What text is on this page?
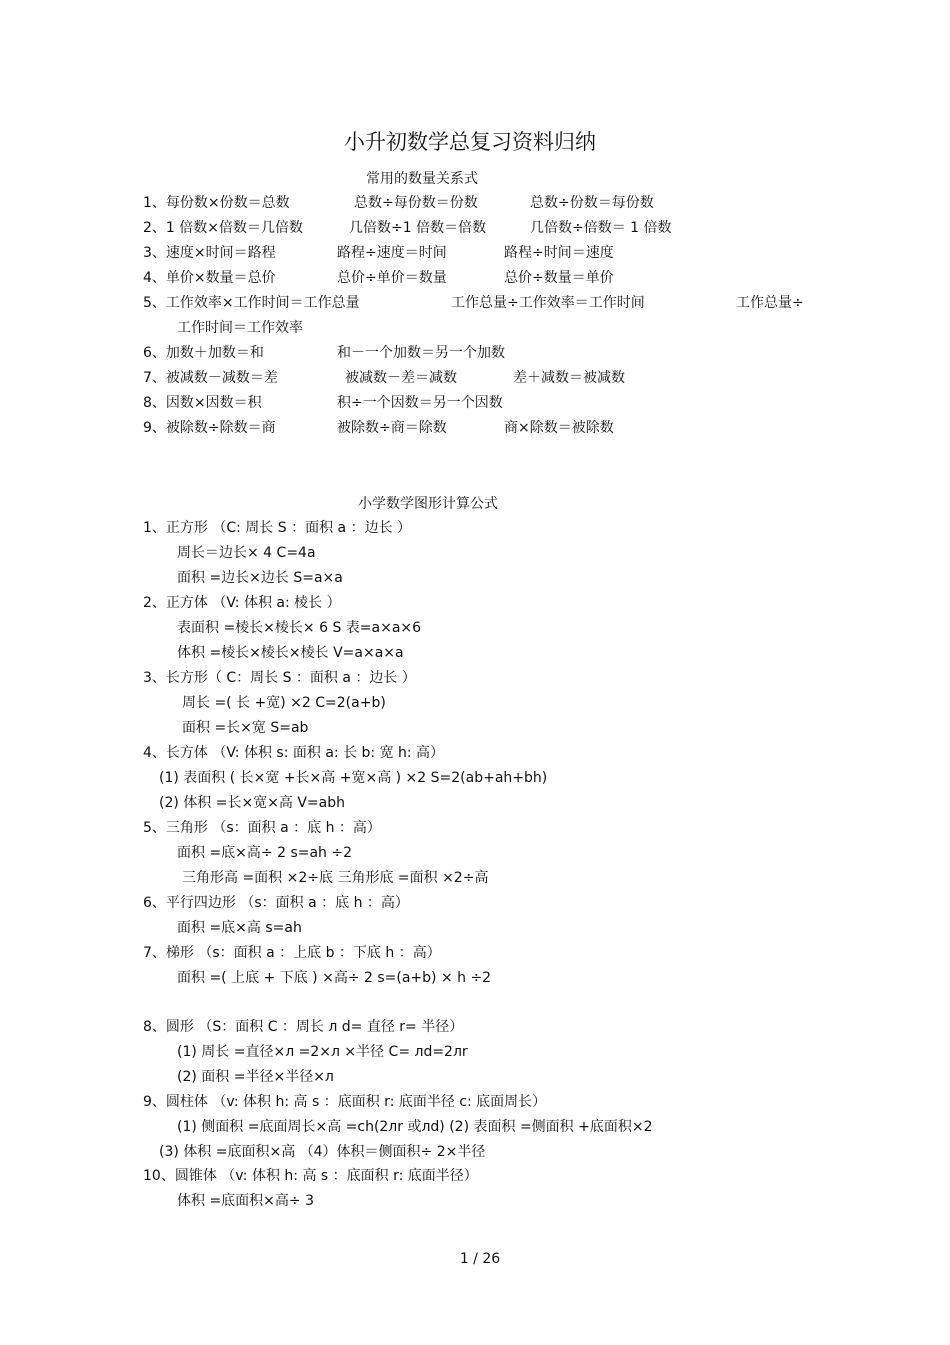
小升初数学总复习资料归纳
常用的数量关系式
1、每份数×份数＝总数	总数÷每份数＝份数	总数÷份数＝每份数
2、1 倍数×倍数＝几倍数	几倍数÷1 倍数＝倍数	几倍数÷倍数＝ 1 倍数
3、速度×时间＝路程	路程÷速度＝时间	路程÷时间＝速度
4、单价×数量＝总价	总价÷单价＝数量	总价÷数量＝单价
5、工作效率×工作时间＝工作总量	工作总量÷工作效率＝工作时间	工作总量÷
工作时间＝工作效率
6、加数＋加数＝和	和－一个加数＝另一个加数
7、被减数－减数＝差	被减数－差＝减数	差＋减数＝被减数
8、因数×因数＝积	积÷一个因数＝另一个因数
9、被除数÷除数＝商	被除数÷商＝除数	商×除数＝被除数
小学数学图形计算公式
1、正方形 （C: 周长 S ：面积 a ：边长 ）
周长＝边长× 4 C=4a
面积 =边长×边长 S=a×a
2、正方体 （V: 体积 a: 棱长 ）
表面积 =棱长×棱长× 6 S 表=a×a×6
体积 =棱长×棱长×棱长 V=a×a×a
3、长方形（ C：周长 S ：面积 a ：边长 ）
周长 =( 长 +宽) ×2 C=2(a+b)
面积 =长×宽 S=ab
4、长方体 （V: 体积 s: 面积 a: 长 b: 宽 h: 高）
(1) 表面积 ( 长×宽 +长×高 +宽×高 ) ×2 S=2(ab+ah+bh)
(2) 体积 =长×宽×高 V=abh
5、三角形 （s：面积 a ：底 h ：高）
面积 =底×高÷ 2 s=ah ÷2
三角形高 =面积 ×2÷底 三角形底 =面积 ×2÷高
6、平行四边形 （s：面积 a ：底 h ：高）
面积 =底×高 s=ah
7、梯形 （s：面积 a ：上底 b ：下底 h ：高）
面积 =( 上底 + 下底 ) ×高÷ 2 s=(a+b) × h ÷2
8、圆形 （S：面积 C ：周长 л d= 直径 r= 半径）
(1) 周长 =直径×л =2×л ×半径 C= лd=2лr
(2) 面积 =半径×半径×л
9、圆柱体 （v: 体积 h: 高 s ：底面积 r: 底面半径 c: 底面周长）
(1) 侧面积 =底面周长×高 =ch(2лr 或лd) (2) 表面积 =侧面积 +底面积×2
(3) 体积 =底面积×高 （4）体积＝侧面积÷ 2×半径
10、圆锥体 （v: 体积 h: 高 s ：底面积 r: 底面半径）
体积 =底面积×高÷ 3
1 / 26
